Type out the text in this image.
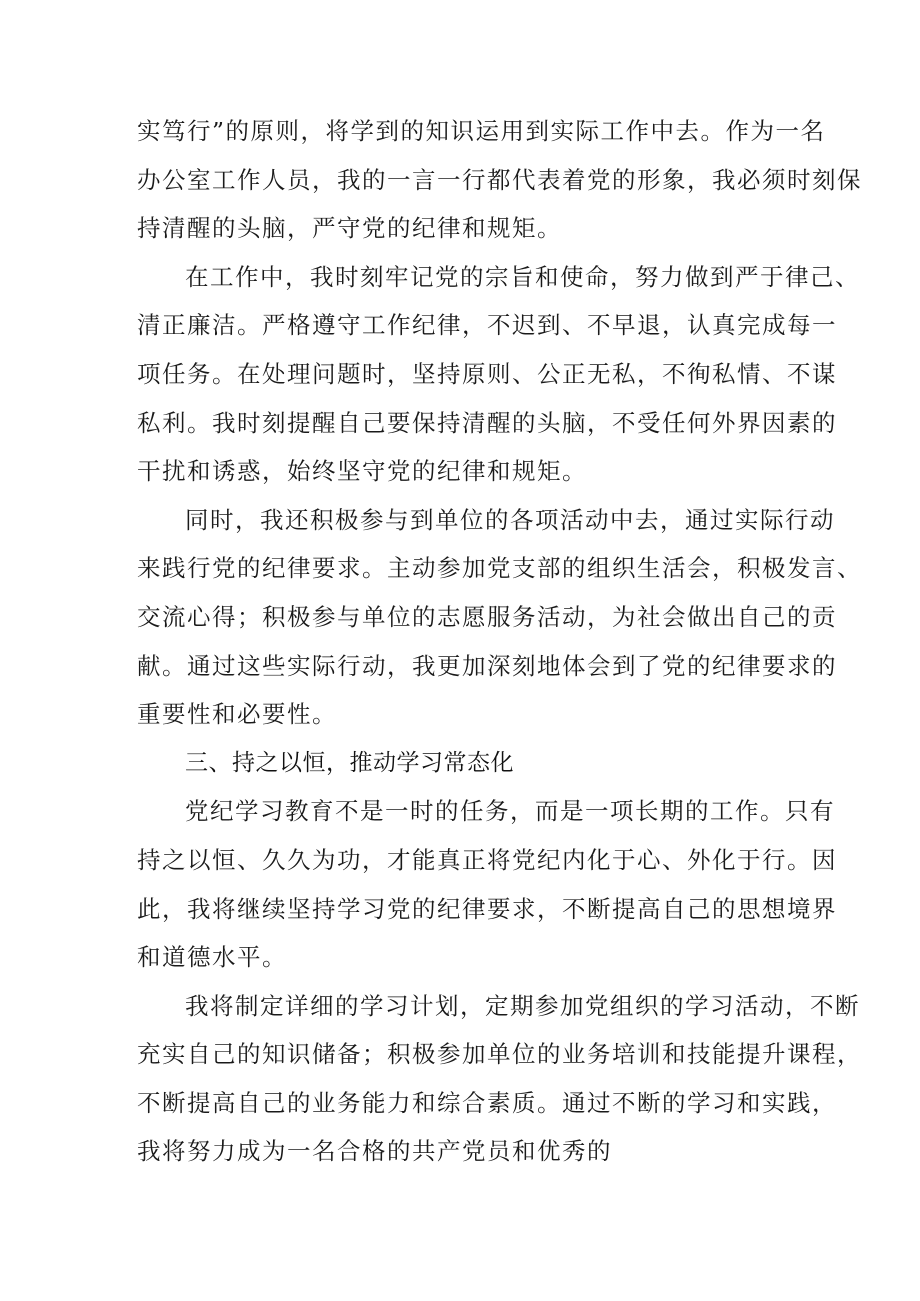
实笃行”的原则，将学到的知识运用到实际工作中去。作为一名
办公室工作人员，我的一言一行都代表着党的形象，我必须时刻保
持清醒的头脑，严守党的纪律和规矩。
在工作中，我时刻牢记党的宗旨和使命，努力做到严于律己、
清正廉洁。严格遵守工作纪律，不迟到、不早退，认真完成每一
项任务。在处理问题时，坚持原则、公正无私，不徇私情、不谋
私利。我时刻提醒自己要保持清醒的头脑，不受任何外界因素的
干扰和诱惑，始终坚守党的纪律和规矩。
同时，我还积极参与到单位的各项活动中去，通过实际行动
来践行党的纪律要求。主动参加党支部的组织生活会，积极发言、
交流心得；积极参与单位的志愿服务活动，为社会做出自己的贡
献。通过这些实际行动，我更加深刻地体会到了党的纪律要求的
重要性和必要性。
三、持之以恒，推动学习常态化
党纪学习教育不是一时的任务，而是一项长期的工作。只有
持之以恒、久久为功，才能真正将党纪内化于心、外化于行。因
此，我将继续坚持学习党的纪律要求，不断提高自己的思想境界
和道德水平。
我将制定详细的学习计划，定期参加党组织的学习活动，不断
充实自己的知识储备；积极参加单位的业务培训和技能提升课程，
不断提高自己的业务能力和综合素质。通过不断的学习和实践，
我将努力成为一名合格的共产党员和优秀的
